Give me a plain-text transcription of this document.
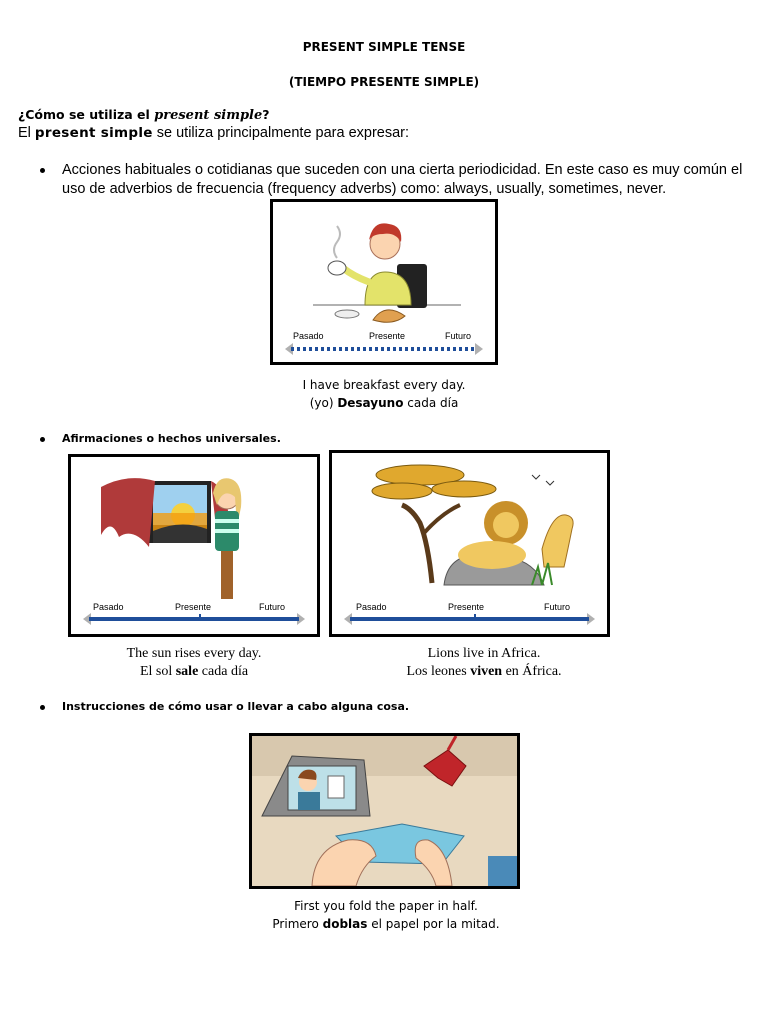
PRESENT SIMPLE TENSE
(TIEMPO PRESENTE SIMPLE)
¿Cómo se utiliza el present simple?
El present simple se utiliza principalmente para expresar:
Acciones habituales o cotidianas que suceden con una cierta periodicidad. En este caso es muy común el uso de adverbios de frecuencia (frequency adverbs) como: always, usually, sometimes, never.
Pasado	Presente	Futuro
I have breakfast every day.
(yo) Desayuno cada día
Afirmaciones o hechos universales.
Pasado	Presente	Futuro	Pasado	Presente	Futuro
The sun rises every day.
El sol sale cada día
Lions live in Africa.
Los leones viven en África.
Instrucciones de cómo usar o llevar a cabo alguna cosa.
First you fold the paper in half.
Primero doblas el papel por la mitad.
